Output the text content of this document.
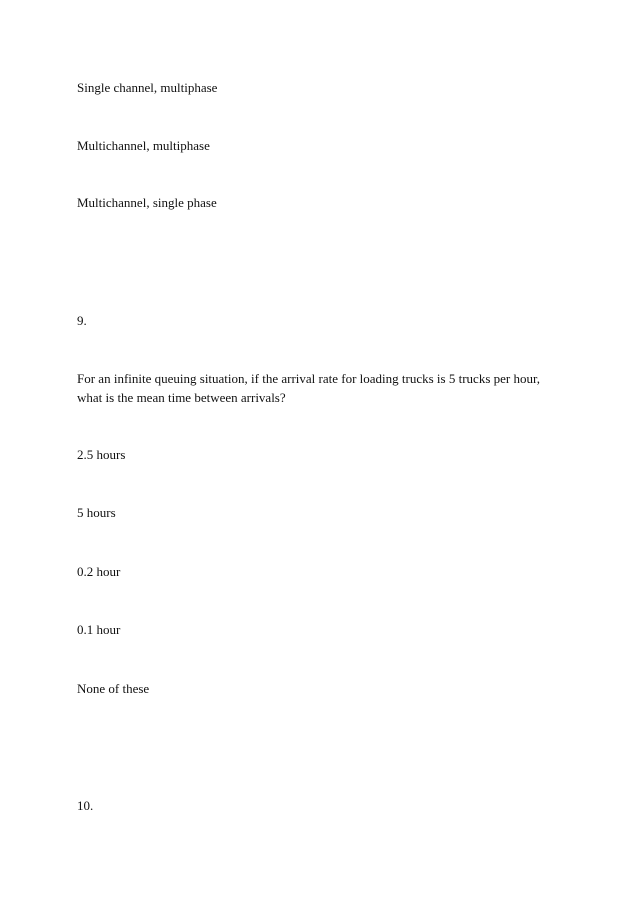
Single channel, multiphase
Multichannel, multiphase
Multichannel, single phase
9.
For an infinite queuing situation, if the arrival rate for loading trucks is 5 trucks per hour, what is the mean time between arrivals?
2.5 hours
5 hours
0.2 hour
0.1 hour
None of these
10.
